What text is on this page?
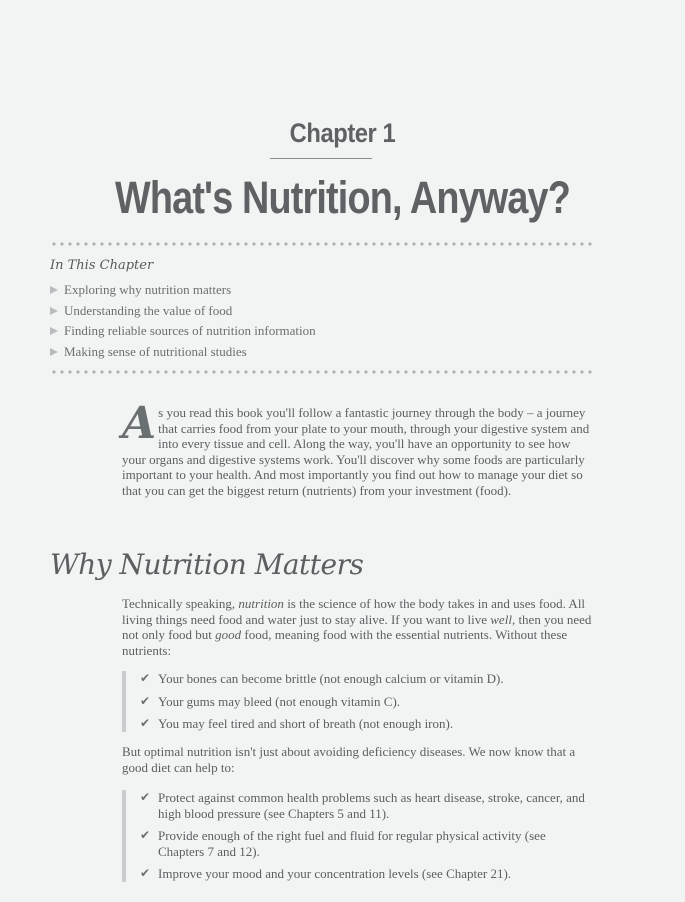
Chapter 1
What's Nutrition, Anyway?
In This Chapter
Exploring why nutrition matters
Understanding the value of food
Finding reliable sources of nutrition information
Making sense of nutritional studies
As you read this book you'll follow a fantastic journey through the body – a journey that carries food from your plate to your mouth, through your digestive system and into every tissue and cell. Along the way, you'll have an opportunity to see how your organs and digestive systems work. You'll discover why some foods are particularly important to your health. And most importantly you find out how to manage your diet so that you can get the biggest return (nutrients) from your investment (food).
Why Nutrition Matters

Technically speaking, nutrition is the science of how the body takes in and uses food. All living things need food and water just to stay alive. If you want to live well, then you need not only food but good food, meaning food with the essential nutrients. Without these nutrients:

✔ Your bones can become brittle (not enough calcium or vitamin D).
✔ Your gums may bleed (not enough vitamin C).
✔ You may feel tired and short of breath (not enough iron).

But optimal nutrition isn't just about avoiding deficiency diseases. We now know that a good diet can help to:

✔ Protect against common health problems such as heart disease, stroke, cancer, and high blood pressure (see Chapters 5 and 11).
✔ Provide enough of the right fuel and fluid for regular physical activity (see Chapters 7 and 12).
✔ Improve your mood and your concentration levels (see Chapter 21).
